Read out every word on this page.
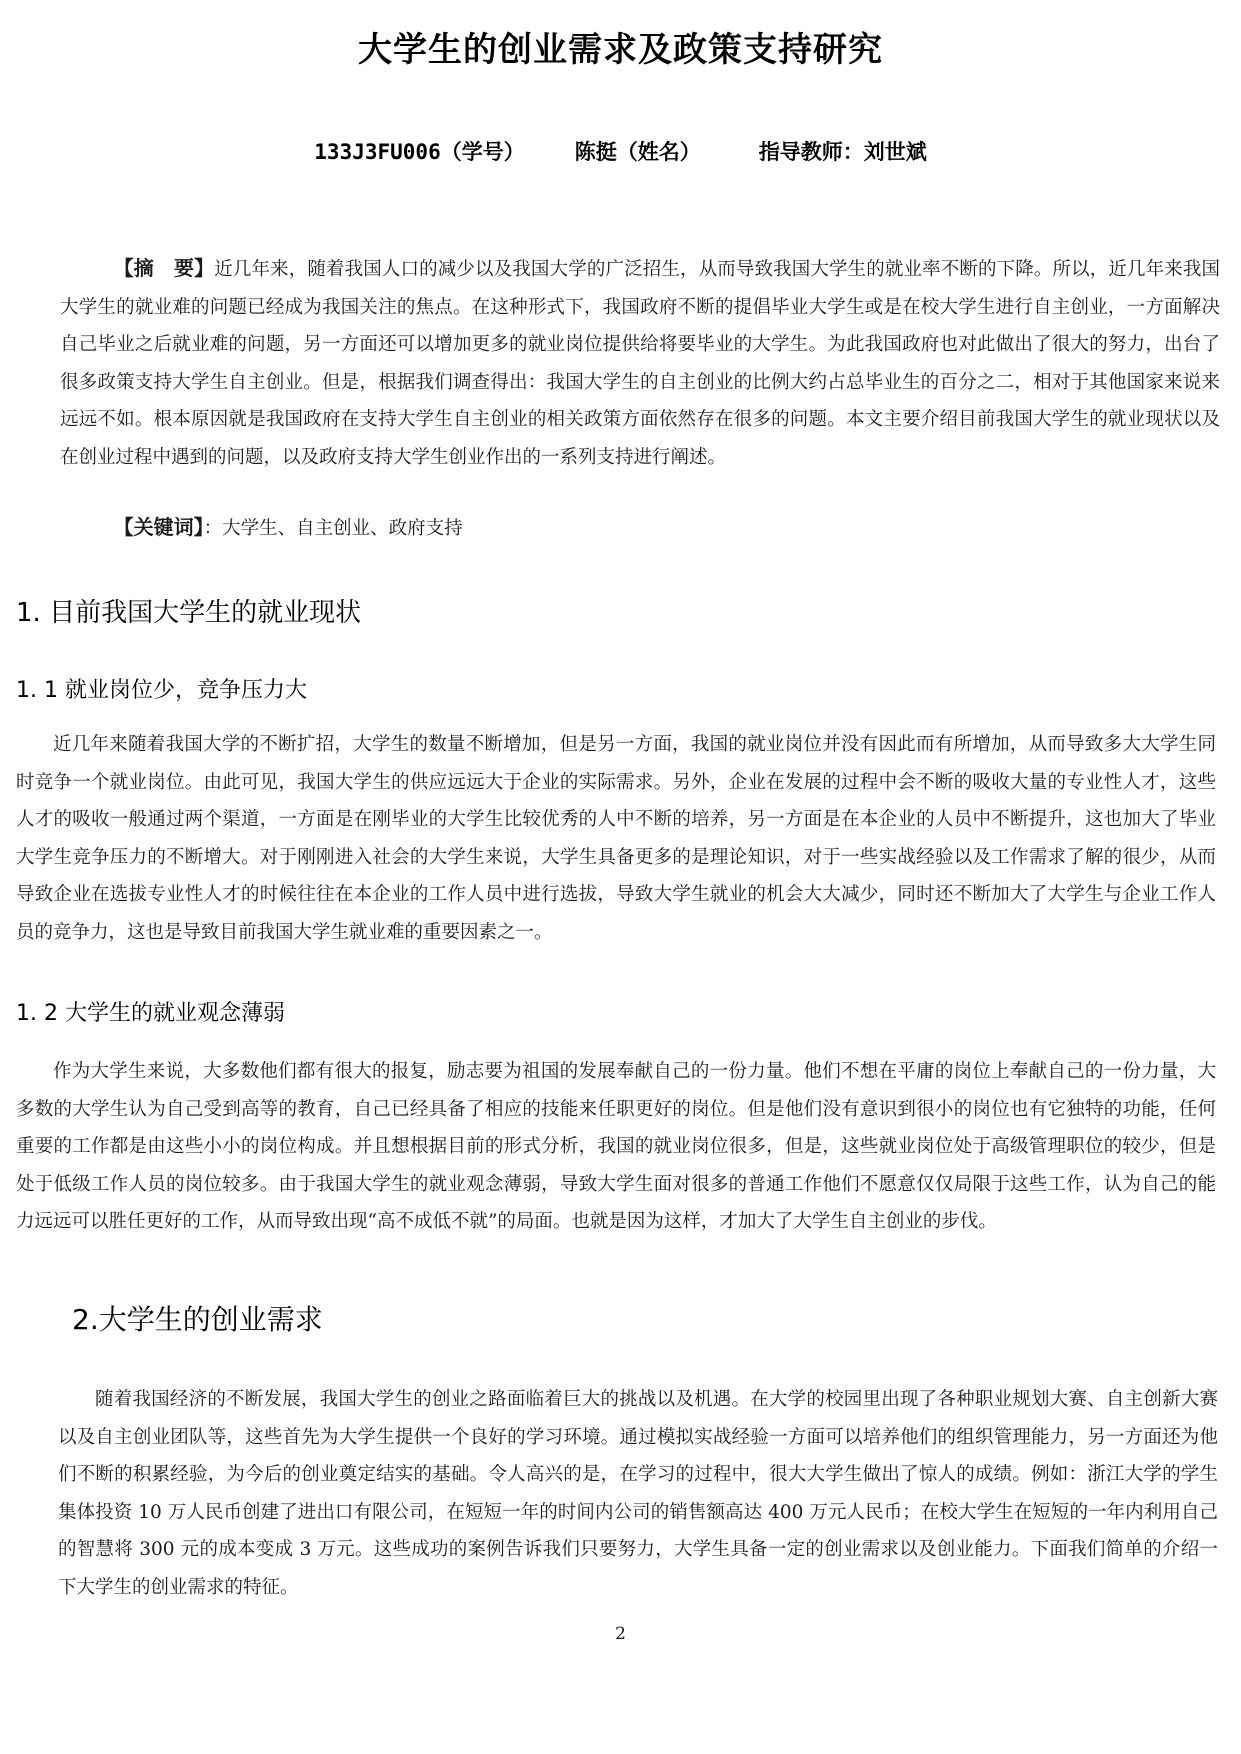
大学生的创业需求及政策支持研究
133J3FU006（学号） 陈挺（姓名）	指导教师：刘世斌
【摘　要】近几年来，随着我国人口的减少以及我国大学的广泛招生，从而导致我国大学生的就业率不断的下降。所以，近几年来我国大学生的就业难的问题已经成为我国关注的焦点。在这种形式下，我国政府不断的提倡毕业大学生或是在校大学生进行自主创业，一方面解决自己毕业之后就业难的问题，另一方面还可以增加更多的就业岗位提供给将要毕业的大学生。为此我国政府也对此做出了很大的努力，出台了很多政策支持大学生自主创业。但是，根据我们调查得出：我国大学生的自主创业的比例大约占总毕业生的百分之二，相对于其他国家来说来远远不如。根本原因就是我国政府在支持大学生自主创业的相关政策方面依然存在很多的问题。本文主要介绍目前我国大学生的就业现状以及在创业过程中遇到的问题，以及政府支持大学生创业作出的一系列支持进行阐述。
【关键词】：大学生、自主创业、政府支持
1. 目前我国大学生的就业现状
1. 1 就业岗位少，竞争压力大
近几年来随着我国大学的不断扩招，大学生的数量不断增加，但是另一方面，我国的就业岗位并没有因此而有所增加，从而导致多大大学生同时竞争一个就业岗位。由此可见，我国大学生的供应远远大于企业的实际需求。另外，企业在发展的过程中会不断的吸收大量的专业性人才，这些人才的吸收一般通过两个渠道，一方面是在刚毕业的大学生比较优秀的人中不断的培养，另一方面是在本企业的人员中不断提升，这也加大了毕业大学生竞争压力的不断增大。对于刚刚进入社会的大学生来说，大学生具备更多的是理论知识，对于一些实战经验以及工作需求了解的很少，从而导致企业在选拔专业性人才的时候往往在本企业的工作人员中进行选拔，导致大学生就业的机会大大减少，同时还不断加大了大学生与企业工作人员的竞争力，这也是导致目前我国大学生就业难的重要因素之一。
1. 2 大学生的就业观念薄弱
作为大学生来说，大多数他们都有很大的报复，励志要为祖国的发展奉献自己的一份力量。他们不想在平庸的岗位上奉献自己的一份力量，大多数的大学生认为自己受到高等的教育，自己已经具备了相应的技能来任职更好的岗位。但是他们没有意识到很小的岗位也有它独特的功能，任何重要的工作都是由这些小小的岗位构成。并且想根据目前的形式分析，我国的就业岗位很多，但是，这些就业岗位处于高级管理职位的较少，但是处于低级工作人员的岗位较多。由于我国大学生的就业观念薄弱，导致大学生面对很多的普通工作他们不愿意仅仅局限于这些工作，认为自己的能力远远可以胜任更好的工作，从而导致出现“高不成低不就”的局面。也就是因为这样，才加大了大学生自主创业的步伐。
2.大学生的创业需求
随着我国经济的不断发展，我国大学生的创业之路面临着巨大的挑战以及机遇。在大学的校园里出现了各种职业规划大赛、自主创新大赛以及自主创业团队等，这些首先为大学生提供一个良好的学习环境。通过模拟实战经验一方面可以培养他们的组织管理能力，另一方面还为他们不断的积累经验，为今后的创业奠定结实的基础。令人高兴的是，在学习的过程中，很大大学生做出了惊人的成绩。例如：浙江大学的学生集体投资 10 万人民币创建了进出口有限公司，在短短一年的时间内公司的销售额高达 400 万元人民币；在校大学生在短短的一年内利用自己的智慧将 300 元的成本变成 3 万元。这些成功的案例告诉我们只要努力，大学生具备一定的创业需求以及创业能力。下面我们简单的介绍一下大学生的创业需求的特征。
2
